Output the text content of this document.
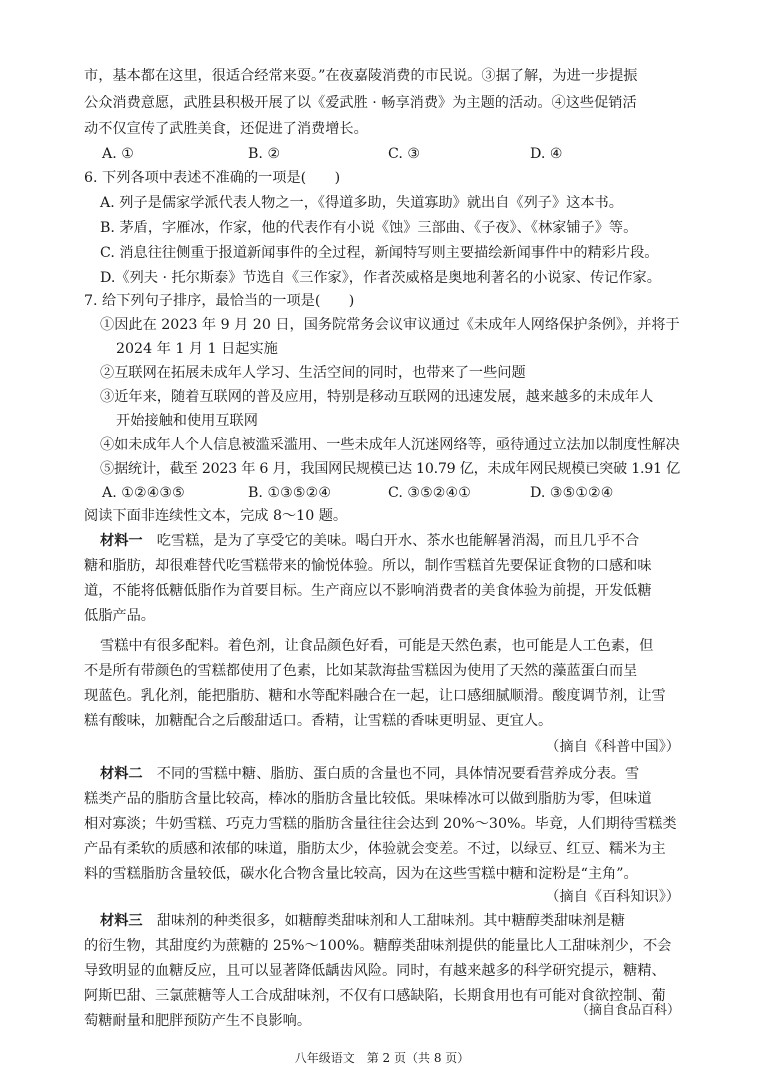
市，基本都在这里，很适合经常来耍。”在夜嘉陵消费的市民说。③据了解，为进一步提振
公众消费意愿，武胜县积极开展了以《爱武胜 · 畅享消费》为主题的活动。④这些促销活
动不仅宣传了武胜美食，还促进了消费增长。
A. ①	B. ②	C. ③	D. ④
6. 下列各项中表述不准确的一项是(　　)
A. 列子是儒家学派代表人物之一，《得道多助，失道寡助》就出自《列子》这本书。
B. 茅盾，字雁冰，作家，他的代表作有小说《蚀》三部曲、《子夜》、《林家铺子》等。
C. 消息往往侧重于报道新闻事件的全过程，新闻特写则主要描绘新闻事件中的精彩片段。
D.《列夫 · 托尔斯泰》节选自《三作家》，作者茨威格是奥地利著名的小说家、传记作家。
7. 给下列句子排序，最恰当的一项是(　　)
①因此在 2023 年 9 月 20 日，国务院常务会议审议通过《未成年人网络保护条例》，并将于
2024 年 1 月 1 日起实施
②互联网在拓展未成年人学习、生活空间的同时，也带来了一些问题
③近年来，随着互联网的普及应用，特别是移动互联网的迅速发展，越来越多的未成年人
开始接触和使用互联网
④如未成年人个人信息被滥采滥用、一些未成年人沉迷网络等，亟待通过立法加以制度性解决
⑤据统计，截至 2023 年 6 月，我国网民规模已达 10.79 亿，未成年网民规模已突破 1.91 亿
A. ①②④③⑤	B. ①③⑤②④	C. ③⑤②④①	D. ③⑤①②④
阅读下面非连续性文本，完成 8～10 题。
材料一　 吃雪糕，是为了享受它的美味。喝白开水、茶水也能解暑消渴，而且几乎不合
糖和脂肪，却很难替代吃雪糕带来的愉悦体验。所以，制作雪糕首先要保证食物的口感和味
道，不能将低糖低脂作为首要目标。生产商应以不影响消费者的美食体验为前提，开发低糖
低脂产品。
雪糕中有很多配料。着色剂，让食品颜色好看，可能是天然色素，也可能是人工色素，但
不是所有带颜色的雪糕都使用了色素，比如某款海盐雪糕因为使用了天然的藻蓝蛋白而呈
现蓝色。乳化剂，能把脂肪、糖和水等配料融合在一起，让口感细腻顺滑。酸度调节剂，让雪
糕有酸味，加糖配合之后酸甜适口。香精，让雪糕的香味更明显、更宜人。
（摘自《科普中国》）
材料二　 不同的雪糕中糖、脂肪、蛋白质的含量也不同，具体情况要看营养成分表。雪
糕类产品的脂肪含量比较高，棒冰的脂肪含量比较低。果味棒冰可以做到脂肪为零，但味道
相对寡淡；牛奶雪糕、巧克力雪糕的脂肪含量往往会达到 20%～30%。毕竟，人们期待雪糕类
产品有柔软的质感和浓郁的味道，脂肪太少，体验就会变差。不过，以绿豆、红豆、糯米为主
料的雪糕脂肪含量较低，碳水化合物含量比较高，因为在这些雪糕中糖和淀粉是“主角”。
（摘自《百科知识》）
材料三　 甜味剂的种类很多，如糖醇类甜味剂和人工甜味剂。其中糖醇类甜味剂是糖
的衍生物，其甜度约为蔗糖的 25%～100%。糖醇类甜味剂提供的能量比人工甜味剂少，不会
导致明显的血糖反应，且可以显著降低龋齿风险。同时，有越来越多的科学研究提示，糖精、
阿斯巴甜、三氯蔗糖等人工合成甜味剂，不仅有口感缺陷，长期食用也有可能对食欲控制、葡
萄糖耐量和肥胖预防产生不良影响。
（摘自食品百科）
八年级语文　第 2 页（共 8 页）
